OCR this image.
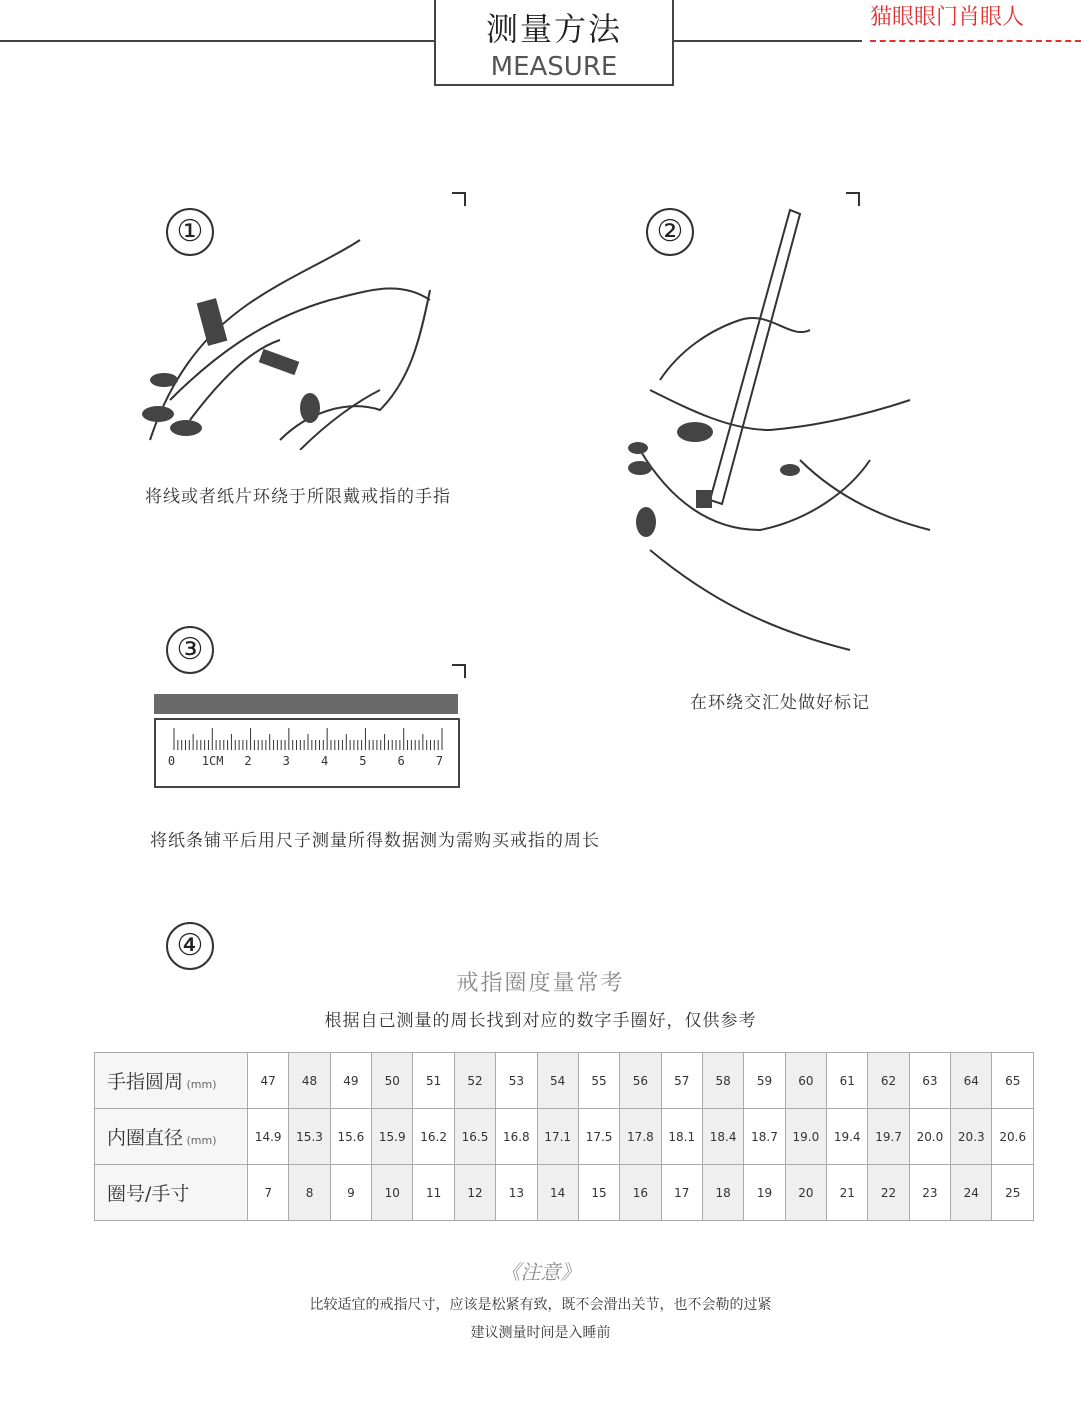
测量方法
MEASURE
猫眼眼门肖眼人
①
将线或者纸片环绕于所限戴戒指的手指
②
在环绕交汇处做好标记
③
0 1CM 2	3	4	5	6	7
将纸条铺平后用尺子测量所得数据测为需购买戒指的周长
④
戒指圈度量常考
根据自己测量的周长找到对应的数字手圈好，仅供参考
手指圆周 (mm)	47	48	49	50	51	52	53	54	55	56	57	58	59	60	61	62	63	64	65
内圈直径 (mm)	14.9	15.3	15.6	15.9	16.2	16.5	16.8	17.1	17.5	17.8	18.1	18.4	18.7	19.0	19.4	19.7	20.0	20.3	20.6
圈号/手寸	7	8	9	10	11	12	13	14	15	16	17	18	19	20	21	22	23	24	25
《注意》
比较适宜的戒指尺寸，应该是松紧有致，既不会滑出关节，也不会勒的过紧
建议测量时间是入睡前
